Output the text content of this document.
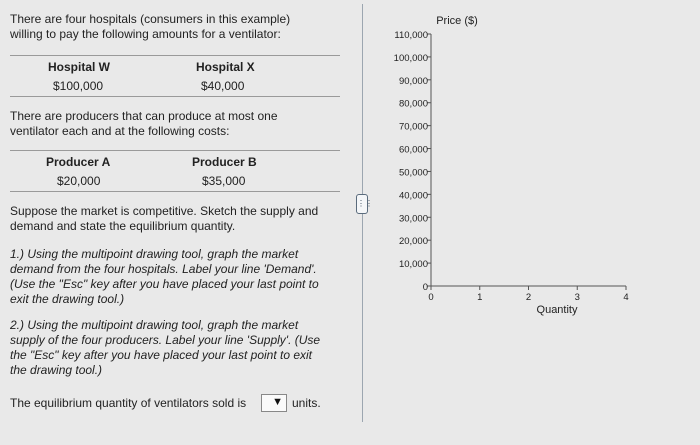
There are four hospitals (consumers in this example)
willing to pay the following amounts for a ventilator:
Hospital W	Hospital X
$100,000	$40,000
There are producers that can produce at most one
ventilator each and at the following costs:
Producer A	Producer B
$20,000	$35,000
Suppose the market is competitive. Sketch the supply and
demand and state the equilibrium quantity.
1.) Using the multipoint drawing tool, graph the market
demand from the four hospitals. Label your line 'Demand'.
(Use the "Esc" key after you have placed your last point to
exit the drawing tool.)
2.) Using the multipoint drawing tool, graph the market
supply of the four producers. Label your line 'Supply'. (Use
the "Esc" key after you have placed your last point to exit
the drawing tool.)
The equilibrium quantity of ventilators sold is ▼ units.
⋮⋮
Price ($)
Quantity
0
10,000
20,000
30,000
40,000
50,000
60,000
70,000
80,000
90,000
100,000
110,000
0	1	2	3	4
